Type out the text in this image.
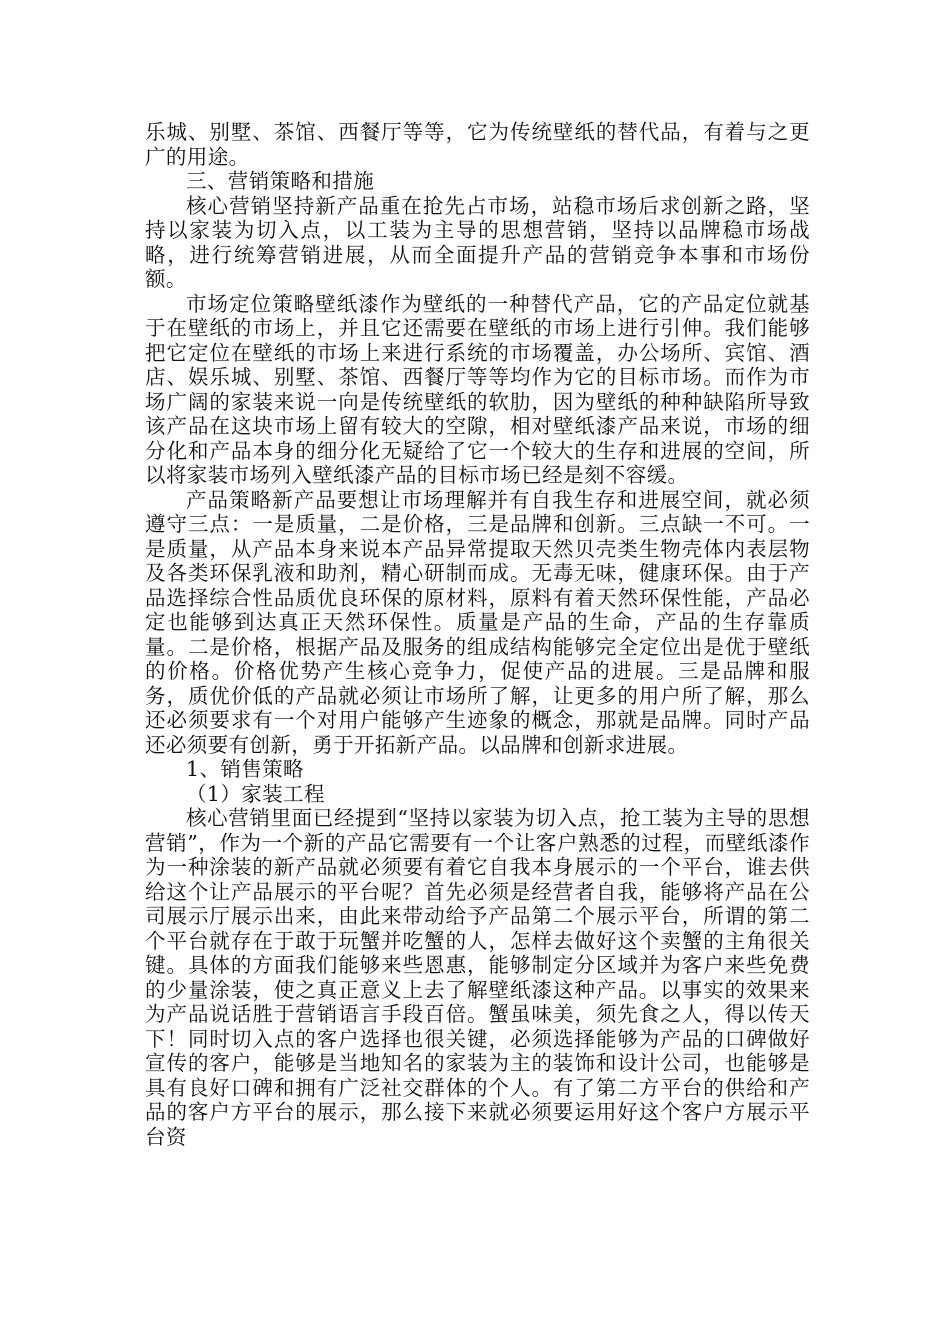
乐城、别墅、茶馆、西餐厅等等，它为传统壁纸的替代品，有着与之更广的用途。

三、营销策略和措施

核心营销坚持新产品重在抢先占市场，站稳市场后求创新之路，坚持以家装为切入点，以工装为主导的思想营销，坚持以品牌稳市场战略，进行统筹营销进展，从而全面提升产品的营销竞争本事和市场份额。

市场定位策略壁纸漆作为壁纸的一种替代产品，它的产品定位就基于在壁纸的市场上，并且它还需要在壁纸的市场上进行引伸。我们能够把它定位在壁纸的市场上来进行系统的市场覆盖，办公场所、宾馆、酒店、娱乐城、别墅、茶馆、西餐厅等等均作为它的目标市场。而作为市场广阔的家装来说一向是传统壁纸的软肋，因为壁纸的种种缺陷所导致该产品在这块市场上留有较大的空隙，相对壁纸漆产品来说，市场的细分化和产品本身的细分化无疑给了它一个较大的生存和进展的空间，所以将家装市场列入壁纸漆产品的目标市场已经是刻不容缓。

产品策略新产品要想让市场理解并有自我生存和进展空间，就必须遵守三点：一是质量，二是价格，三是品牌和创新。三点缺一不可。一是质量，从产品本身来说本产品异常提取天然贝壳类生物壳体内表层物及各类环保乳液和助剂，精心研制而成。无毒无味，健康环保。由于产品选择综合性品质优良环保的原材料，原料有着天然环保性能，产品必定也能够到达真正天然环保性。质量是产品的生命，产品的生存靠质量。二是价格，根据产品及服务的组成结构能够完全定位出是优于壁纸的价格。价格优势产生核心竞争力，促使产品的进展。三是品牌和服务，质优价低的产品就必须让市场所了解，让更多的用户所了解，那么还必须要求有一个对用户能够产生迹象的概念，那就是品牌。同时产品还必须要有创新，勇于开拓新产品。以品牌和创新求进展。

1、销售策略

（1）家装工程

核心营销里面已经提到“坚持以家装为切入点，抢工装为主导的思想营销”，作为一个新的产品它需要有一个让客户熟悉的过程，而壁纸漆作为一种涂装的新产品就必须要有着它自我本身展示的一个平台，谁去供给这个让产品展示的平台呢？首先必须是经营者自我，能够将产品在公司展示厅展示出来，由此来带动给予产品第二个展示平台，所谓的第二个平台就存在于敢于玩蟹并吃蟹的人，怎样去做好这个卖蟹的主角很关键。具体的方面我们能够来些恩惠，能够制定分区域并为客户来些免费的少量涂装，使之真正意义上去了解壁纸漆这种产品。以事实的效果来为产品说话胜于营销语言手段百倍。蟹虽味美，须先食之人，得以传天下！同时切入点的客户选择也很关键，必须选择能够为产品的口碑做好宣传的客户，能够是当地知名的家装为主的装饰和设计公司，也能够是具有良好口碑和拥有广泛社交群体的个人。有了第二方平台的供给和产品的客户方平台的展示，那么接下来就必须要运用好这个客户方展示平台资
